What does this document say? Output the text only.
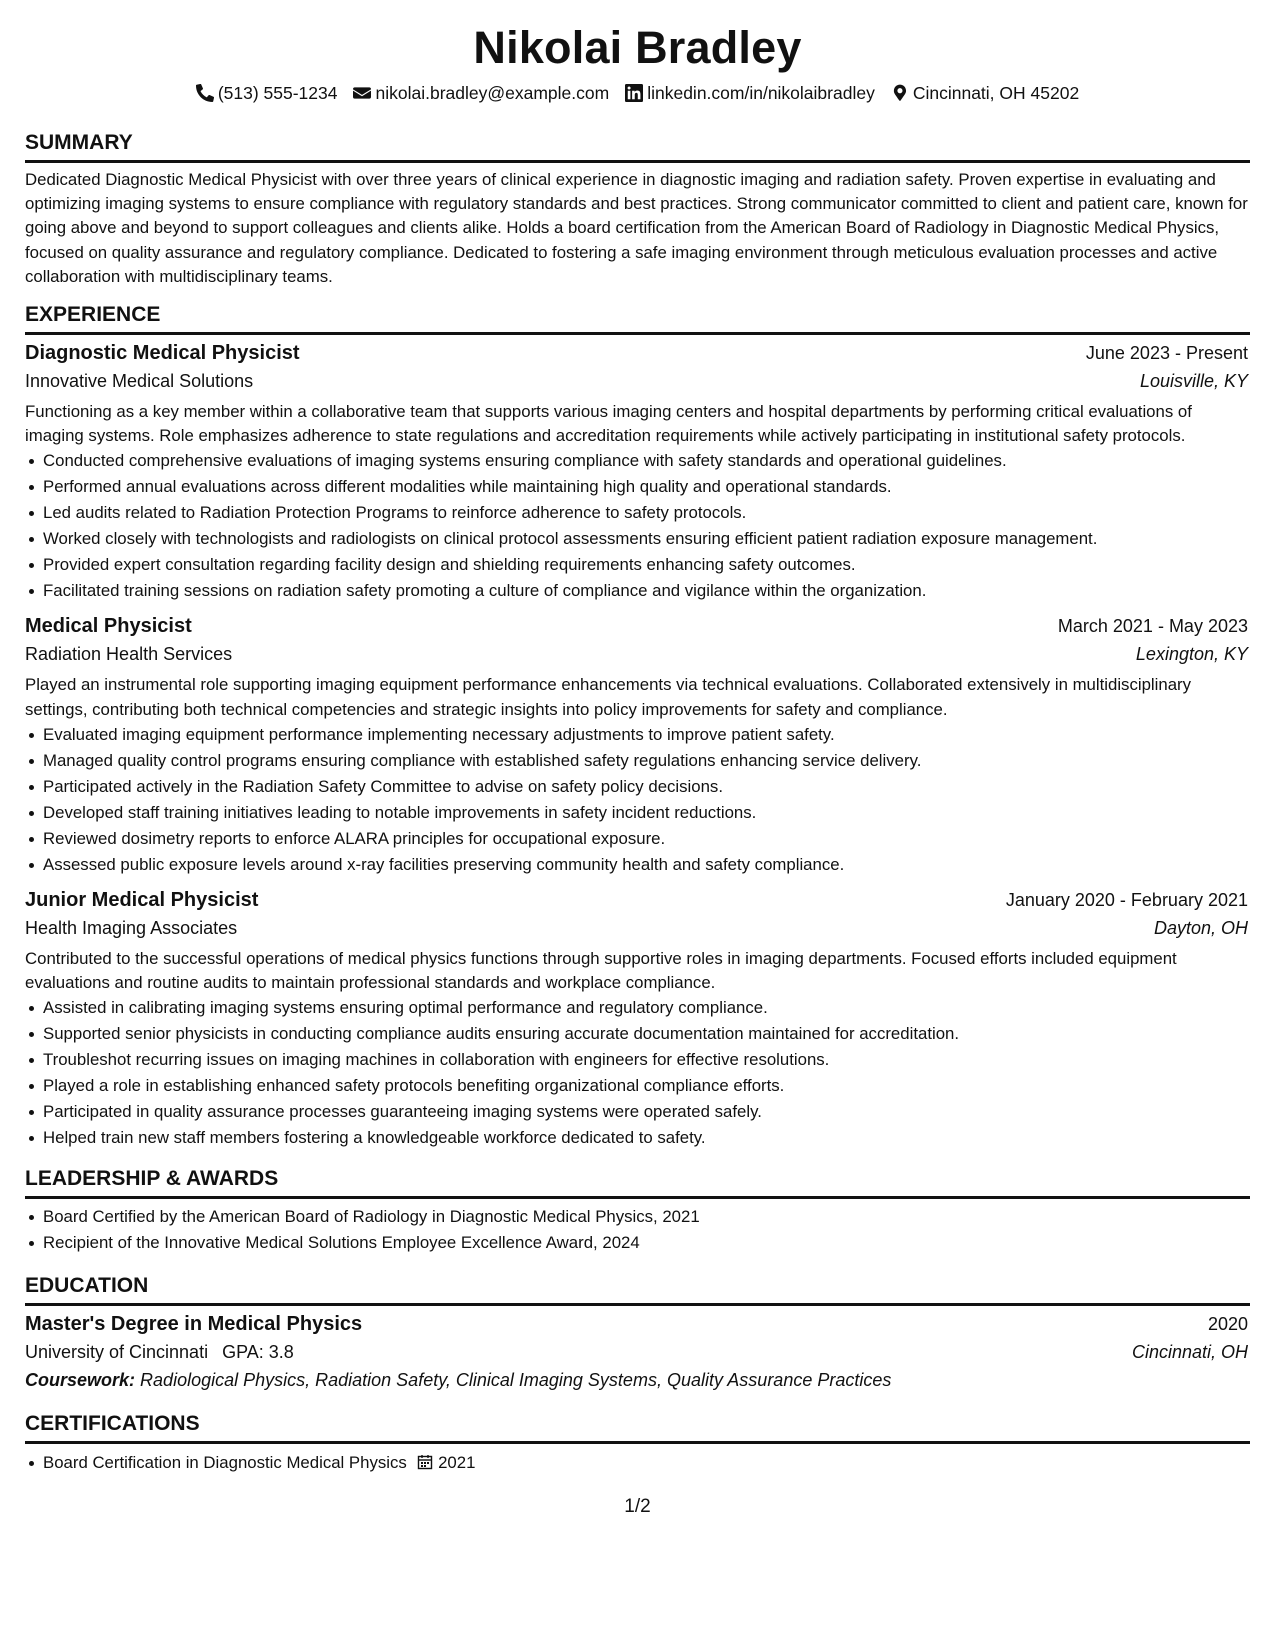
Nikolai Bradley
(513) 555-1234 nikolai.bradley@example.com linkedin.com/in/nikolaibradley Cincinnati, OH 45202
SUMMARY
Dedicated Diagnostic Medical Physicist with over three years of clinical experience in diagnostic imaging and radiation safety. Proven expertise in evaluating and optimizing imaging systems to ensure compliance with regulatory standards and best practices. Strong communicator committed to client and patient care, known for going above and beyond to support colleagues and clients alike. Holds a board certification from the American Board of Radiology in Diagnostic Medical Physics, focused on quality assurance and regulatory compliance. Dedicated to fostering a safe imaging environment through meticulous evaluation processes and active collaboration with multidisciplinary teams.
EXPERIENCE
Diagnostic Medical Physicist	June 2023 - Present
Innovative Medical Solutions	Louisville, KY
Functioning as a key member within a collaborative team that supports various imaging centers and hospital departments by performing critical evaluations of imaging systems. Role emphasizes adherence to state regulations and accreditation requirements while actively participating in institutional safety protocols.
Conducted comprehensive evaluations of imaging systems ensuring compliance with safety standards and operational guidelines.
Performed annual evaluations across different modalities while maintaining high quality and operational standards.
Led audits related to Radiation Protection Programs to reinforce adherence to safety protocols.
Worked closely with technologists and radiologists on clinical protocol assessments ensuring efficient patient radiation exposure management.
Provided expert consultation regarding facility design and shielding requirements enhancing safety outcomes.
Facilitated training sessions on radiation safety promoting a culture of compliance and vigilance within the organization.
Medical Physicist	March 2021 - May 2023
Radiation Health Services	Lexington, KY
Played an instrumental role supporting imaging equipment performance enhancements via technical evaluations. Collaborated extensively in multidisciplinary settings, contributing both technical competencies and strategic insights into policy improvements for safety and compliance.
Evaluated imaging equipment performance implementing necessary adjustments to improve patient safety.
Managed quality control programs ensuring compliance with established safety regulations enhancing service delivery.
Participated actively in the Radiation Safety Committee to advise on safety policy decisions.
Developed staff training initiatives leading to notable improvements in safety incident reductions.
Reviewed dosimetry reports to enforce ALARA principles for occupational exposure.
Assessed public exposure levels around x-ray facilities preserving community health and safety compliance.
Junior Medical Physicist	January 2020 - February 2021
Health Imaging Associates	Dayton, OH
Contributed to the successful operations of medical physics functions through supportive roles in imaging departments. Focused efforts included equipment evaluations and routine audits to maintain professional standards and workplace compliance.
Assisted in calibrating imaging systems ensuring optimal performance and regulatory compliance.
Supported senior physicists in conducting compliance audits ensuring accurate documentation maintained for accreditation.
Troubleshot recurring issues on imaging machines in collaboration with engineers for effective resolutions.
Played a role in establishing enhanced safety protocols benefiting organizational compliance efforts.
Participated in quality assurance processes guaranteeing imaging systems were operated safely.
Helped train new staff members fostering a knowledgeable workforce dedicated to safety.
LEADERSHIP & AWARDS
Board Certified by the American Board of Radiology in Diagnostic Medical Physics, 2021
Recipient of the Innovative Medical Solutions Employee Excellence Award, 2024
EDUCATION
Master's Degree in Medical Physics	2020
University of Cincinnati GPA: 3.8	Cincinnati, OH
Coursework: Radiological Physics, Radiation Safety, Clinical Imaging Systems, Quality Assurance Practices
CERTIFICATIONS
Board Certification in Diagnostic Medical Physics 2021
1/2
